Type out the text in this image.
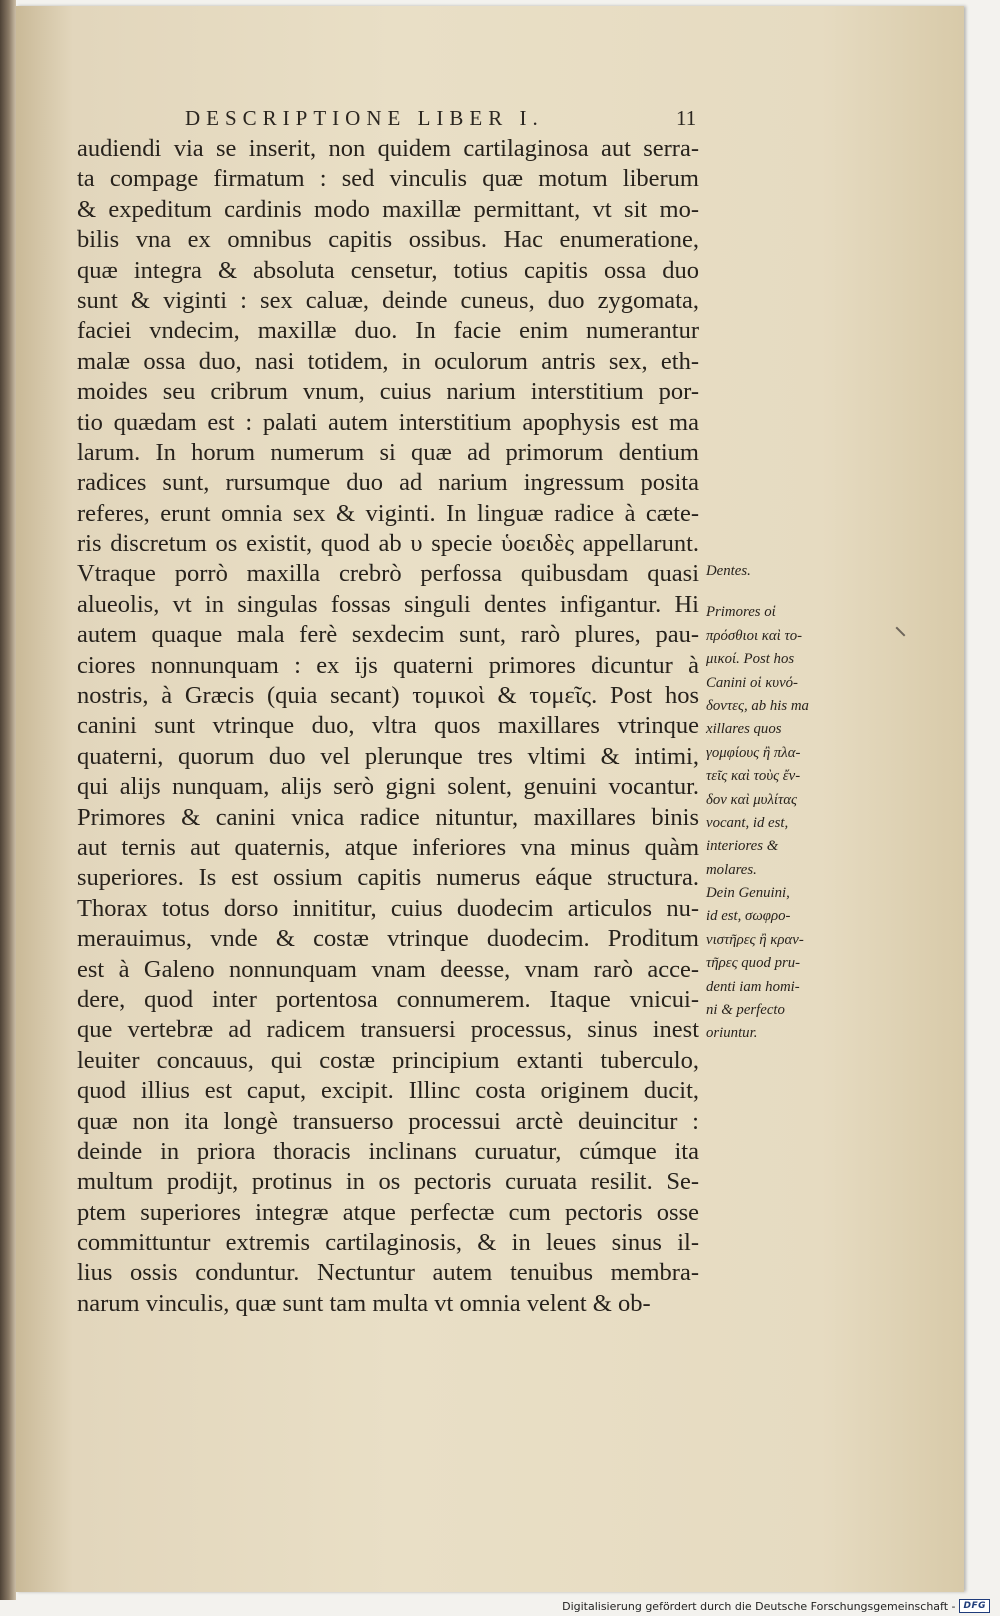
DESCRIPTIONE LIBER I.	11
audiendi via se inserit, non quidem cartilaginosa aut serra-
ta compage firmatum : sed vinculis quæ motum liberum
& expeditum cardinis modo maxillæ permittant, vt sit mo-
bilis vna ex omnibus capitis ossibus. Hac enumeratione,
quæ integra & absoluta censetur, totius capitis ossa duo
sunt & viginti : sex caluæ, deinde cuneus, duo zygomata,
faciei vndecim, maxillæ duo. In facie enim numerantur
malæ ossa duo, nasi totidem, in oculorum antris sex, eth-
moides seu cribrum vnum, cuius narium interstitium por-
tio quædam est : palati autem interstitium apophysis est ma
larum. In horum numerum si quæ ad primorum dentium
radices sunt, rursumque duo ad narium ingressum posita
referes, erunt omnia sex & viginti. In linguæ radice à cæte-
ris discretum os existit, quod ab υ specie ὑοειδὲς appellarunt.
Vtraque porrò maxilla crebrò perfossa quibusdam quasi
alueolis, vt in singulas fossas singuli dentes infigantur. Hi
autem quaque mala ferè sexdecim sunt, rarò plures, pau-
ciores nonnunquam : ex ijs quaterni primores dicuntur à
nostris, à Græcis (quia secant) τομικοὶ & τομεῖς. Post hos
canini sunt vtrinque duo, vltra quos maxillares vtrinque
quaterni, quorum duo vel plerunque tres vltimi & intimi,
qui alijs nunquam, alijs serò gigni solent, genuini vocantur.
Primores & canini vnica radice nituntur, maxillares binis
aut ternis aut quaternis, atque inferiores vna minus quàm
superiores. Is est ossium capitis numerus eáque structura.
Thorax totus dorso innititur, cuius duodecim articulos nu-
merauimus, vnde & costæ vtrinque duodecim. Proditum
est à Galeno nonnunquam vnam deesse, vnam rarò acce-
dere, quod inter portentosa connumerem. Itaque vnicui-
que vertebræ ad radicem transuersi processus, sinus inest
leuiter concauus, qui costæ principium extanti tuberculo,
quod illius est caput, excipit. Illinc costa originem ducit,
quæ non ita longè transuerso processui arctè deuincitur :
deinde in priora thoracis inclinans curuatur, cúmque ita
multum prodijt, protinus in os pectoris curuata resilit. Se-
ptem superiores integræ atque perfectæ cum pectoris osse
committuntur extremis cartilaginosis, & in leues sinus il-
lius ossis conduntur. Nectuntur autem tenuibus membra-
narum vinculis, quæ sunt tam multa vt omnia velent & ob-
Dentes.
Primores οἱ
πρόσθιοι καὶ το-
μικοί. Post hos
Canini οἱ κυνό-
δοντες, ab his ma
xillares quos
γομφίους ἢ πλα-
τεῖς καὶ τοὺς ἔν-
δον καὶ μυλίτας
vocant, id est,
interiores &
molares.
Dein Genuini,
id est, σωφρο-
νιστῆρες ἢ κραν-
τῆρες quod pru-
denti iam homi-
ni & perfecto
oriuntur.
Digitalisierung gefördert durch die Deutsche Forschungsgemeinschaft - DFG
